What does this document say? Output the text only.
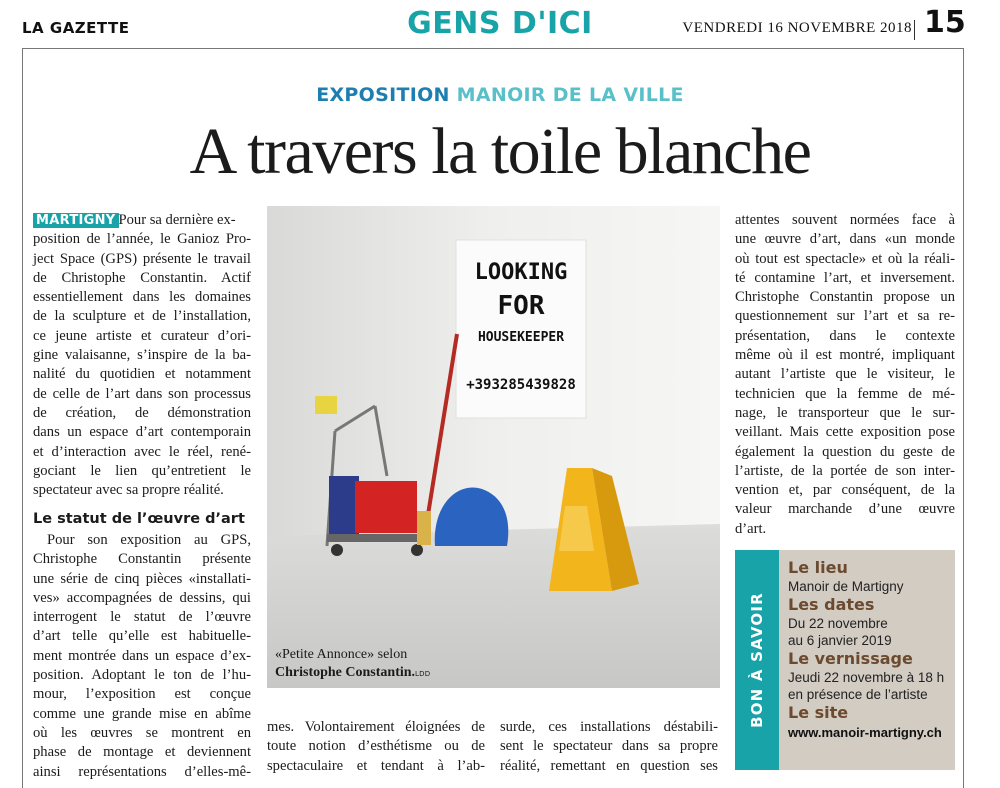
LA GAZETTE	GENS D'ICI	VENDREDI 16 NOVEMBRE 2018 15
EXPOSITION MANOIR DE LA VILLE
A travers la toile blanche

MARTIGNY Pour sa dernière ex-

position de l’année, le Ganioz Pro-
ject Space (GPS) présente le travail
de Christophe Constantin. Actif
essentiellement dans les domaines
de la sculpture et de l’installation,
ce jeune artiste et curateur d’ori-
gine valaisanne, s’inspire de la ba-
nalité du quotidien et notamment
de celle de l’art dans son processus
de création, de démonstration
dans un espace d’art contemporain
et d’interaction avec le réel, rené-
gociant le lien qu’entretient le
spectateur avec sa propre réalité.
Le statut de l’œuvre d’art
Pour son exposition au GPS,
Christophe Constantin présente
une série de cinq pièces «installati-
ves» accompagnées de dessins, qui
interrogent le statut de l’œuvre
d’art telle qu’elle est habituelle-
ment montrée dans un espace d’ex-
position. Adoptant le ton de l’hu-
mour, l’exposition est conçue
comme une grande mise en abîme
où les œuvres se montrent en
phase de montage et deviennent
ainsi représentations d’elles-mê-
LOOKING
FOR
HOUSEKEEPER
+393285439828
«Petite Annonce» selon
Christophe Constantin.LDD
mes. Volontairement éloignées de
toute notion d’esthétisme ou de
spectaculaire et tendant à l’ab-
surde, ces installations déstabili-
sent le spectateur dans sa propre
réalité, remettant en question ses
attentes souvent normées face à
une œuvre d’art, dans «un monde
où tout est spectacle» et où la réali-
té contamine l’art, et inversement.
Christophe Constantin propose un
questionnement sur l’art et sa re-
présentation, dans le contexte
même où il est montré, impliquant
autant l’artiste que le visiteur, le
technicien que la femme de mé-
nage, le transporteur que le sur-
veillant. Mais cette exposition pose
également la question du geste de
l’artiste, de la portée de son inter-
vention et, par conséquent, de la
valeur marchande d’une œuvre
d’art.
BON À SAVOIR
Le lieu
Manoir de Martigny
Les dates
Du 22 novembre
au 6 janvier 2019
Le vernissage
Jeudi 22 novembre à 18 h
en présence de l’artiste
Le site
www.manoir-martigny.ch
